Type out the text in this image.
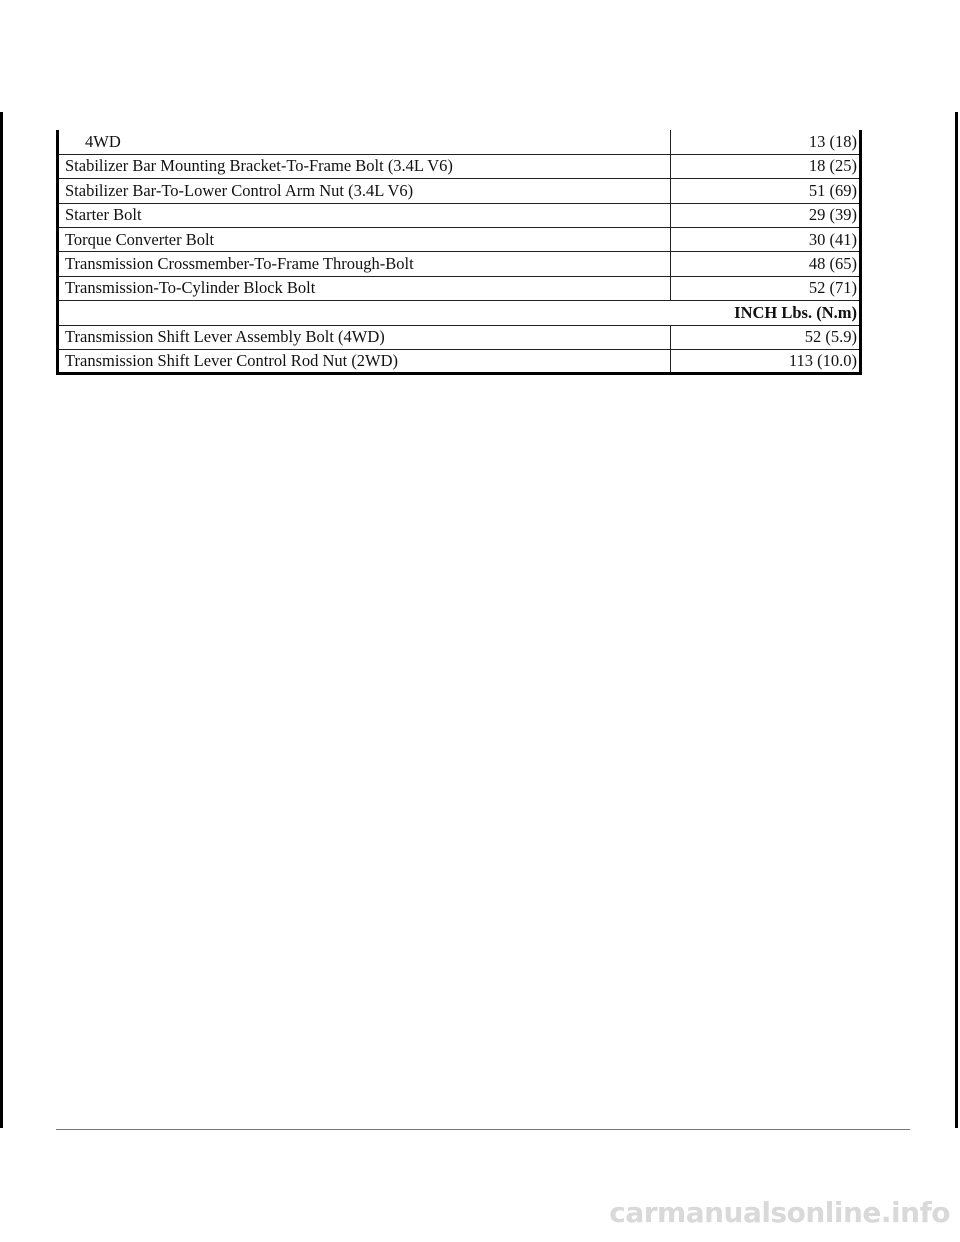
4WD	13 (18)
Stabilizer Bar Mounting Bracket-To-Frame Bolt (3.4L V6)	18 (25)
Stabilizer Bar-To-Lower Control Arm Nut (3.4L V6)	51 (69)
Starter Bolt	29 (39)
Torque Converter Bolt	30 (41)
Transmission Crossmember-To-Frame Through-Bolt	48 (65)
Transmission-To-Cylinder Block Bolt	52 (71)
INCH Lbs. (N.m)	
Transmission Shift Lever Assembly Bolt (4WD)	52 (5.9)
Transmission Shift Lever Control Rod Nut (2WD)	113 (10.0)
carmanualsonline.info
